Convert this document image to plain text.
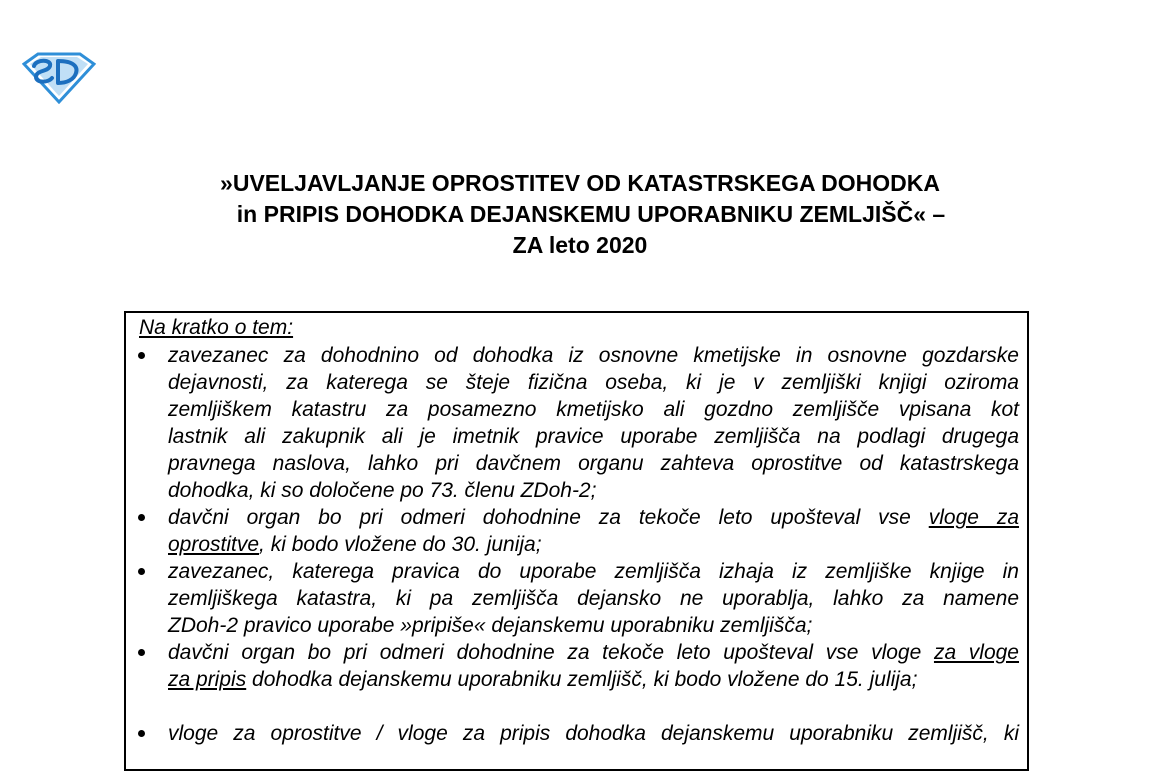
»UVELJAVLJANJE OPROSTITEV OD KATASTRSKEGA DOHODKA
in PRIPIS DOHODKA DEJANSKEMU UPORABNIKU ZEMLJIŠČ« –
ZA leto 2020
Na kratko o tem:
zavezanec za dohodnino od dohodka iz osnovne kmetijske in osnovne gozdarske
dejavnosti, za katerega se šteje fizična oseba, ki je v zemljiški knjigi oziroma
zemljiškem katastru za posamezno kmetijsko ali gozdno zemljišče vpisana kot
lastnik ali zakupnik ali je imetnik pravice uporabe zemljišča na podlagi drugega
pravnega naslova, lahko pri davčnem organu zahteva oprostitve od katastrskega
dohodka, ki so določene po 73. členu ZDoh-2;
davčni organ bo pri odmeri dohodnine za tekoče leto upošteval vse vloge za
oprostitve, ki bodo vložene do 30. junija;
zavezanec, katerega pravica do uporabe zemljišča izhaja iz zemljiške knjige in
zemljiškega katastra, ki pa zemljišča dejansko ne uporablja, lahko za namene
ZDoh-2 pravico uporabe »pripiše« dejanskemu uporabniku zemljišča;
davčni organ bo pri odmeri dohodnine za tekoče leto upošteval vse vloge za vloge
za pripis dohodka dejanskemu uporabniku zemljišč, ki bodo vložene do 15. julija;
vloge za oprostitve / vloge za pripis dohodka dejanskemu uporabniku zemljišč, ki
